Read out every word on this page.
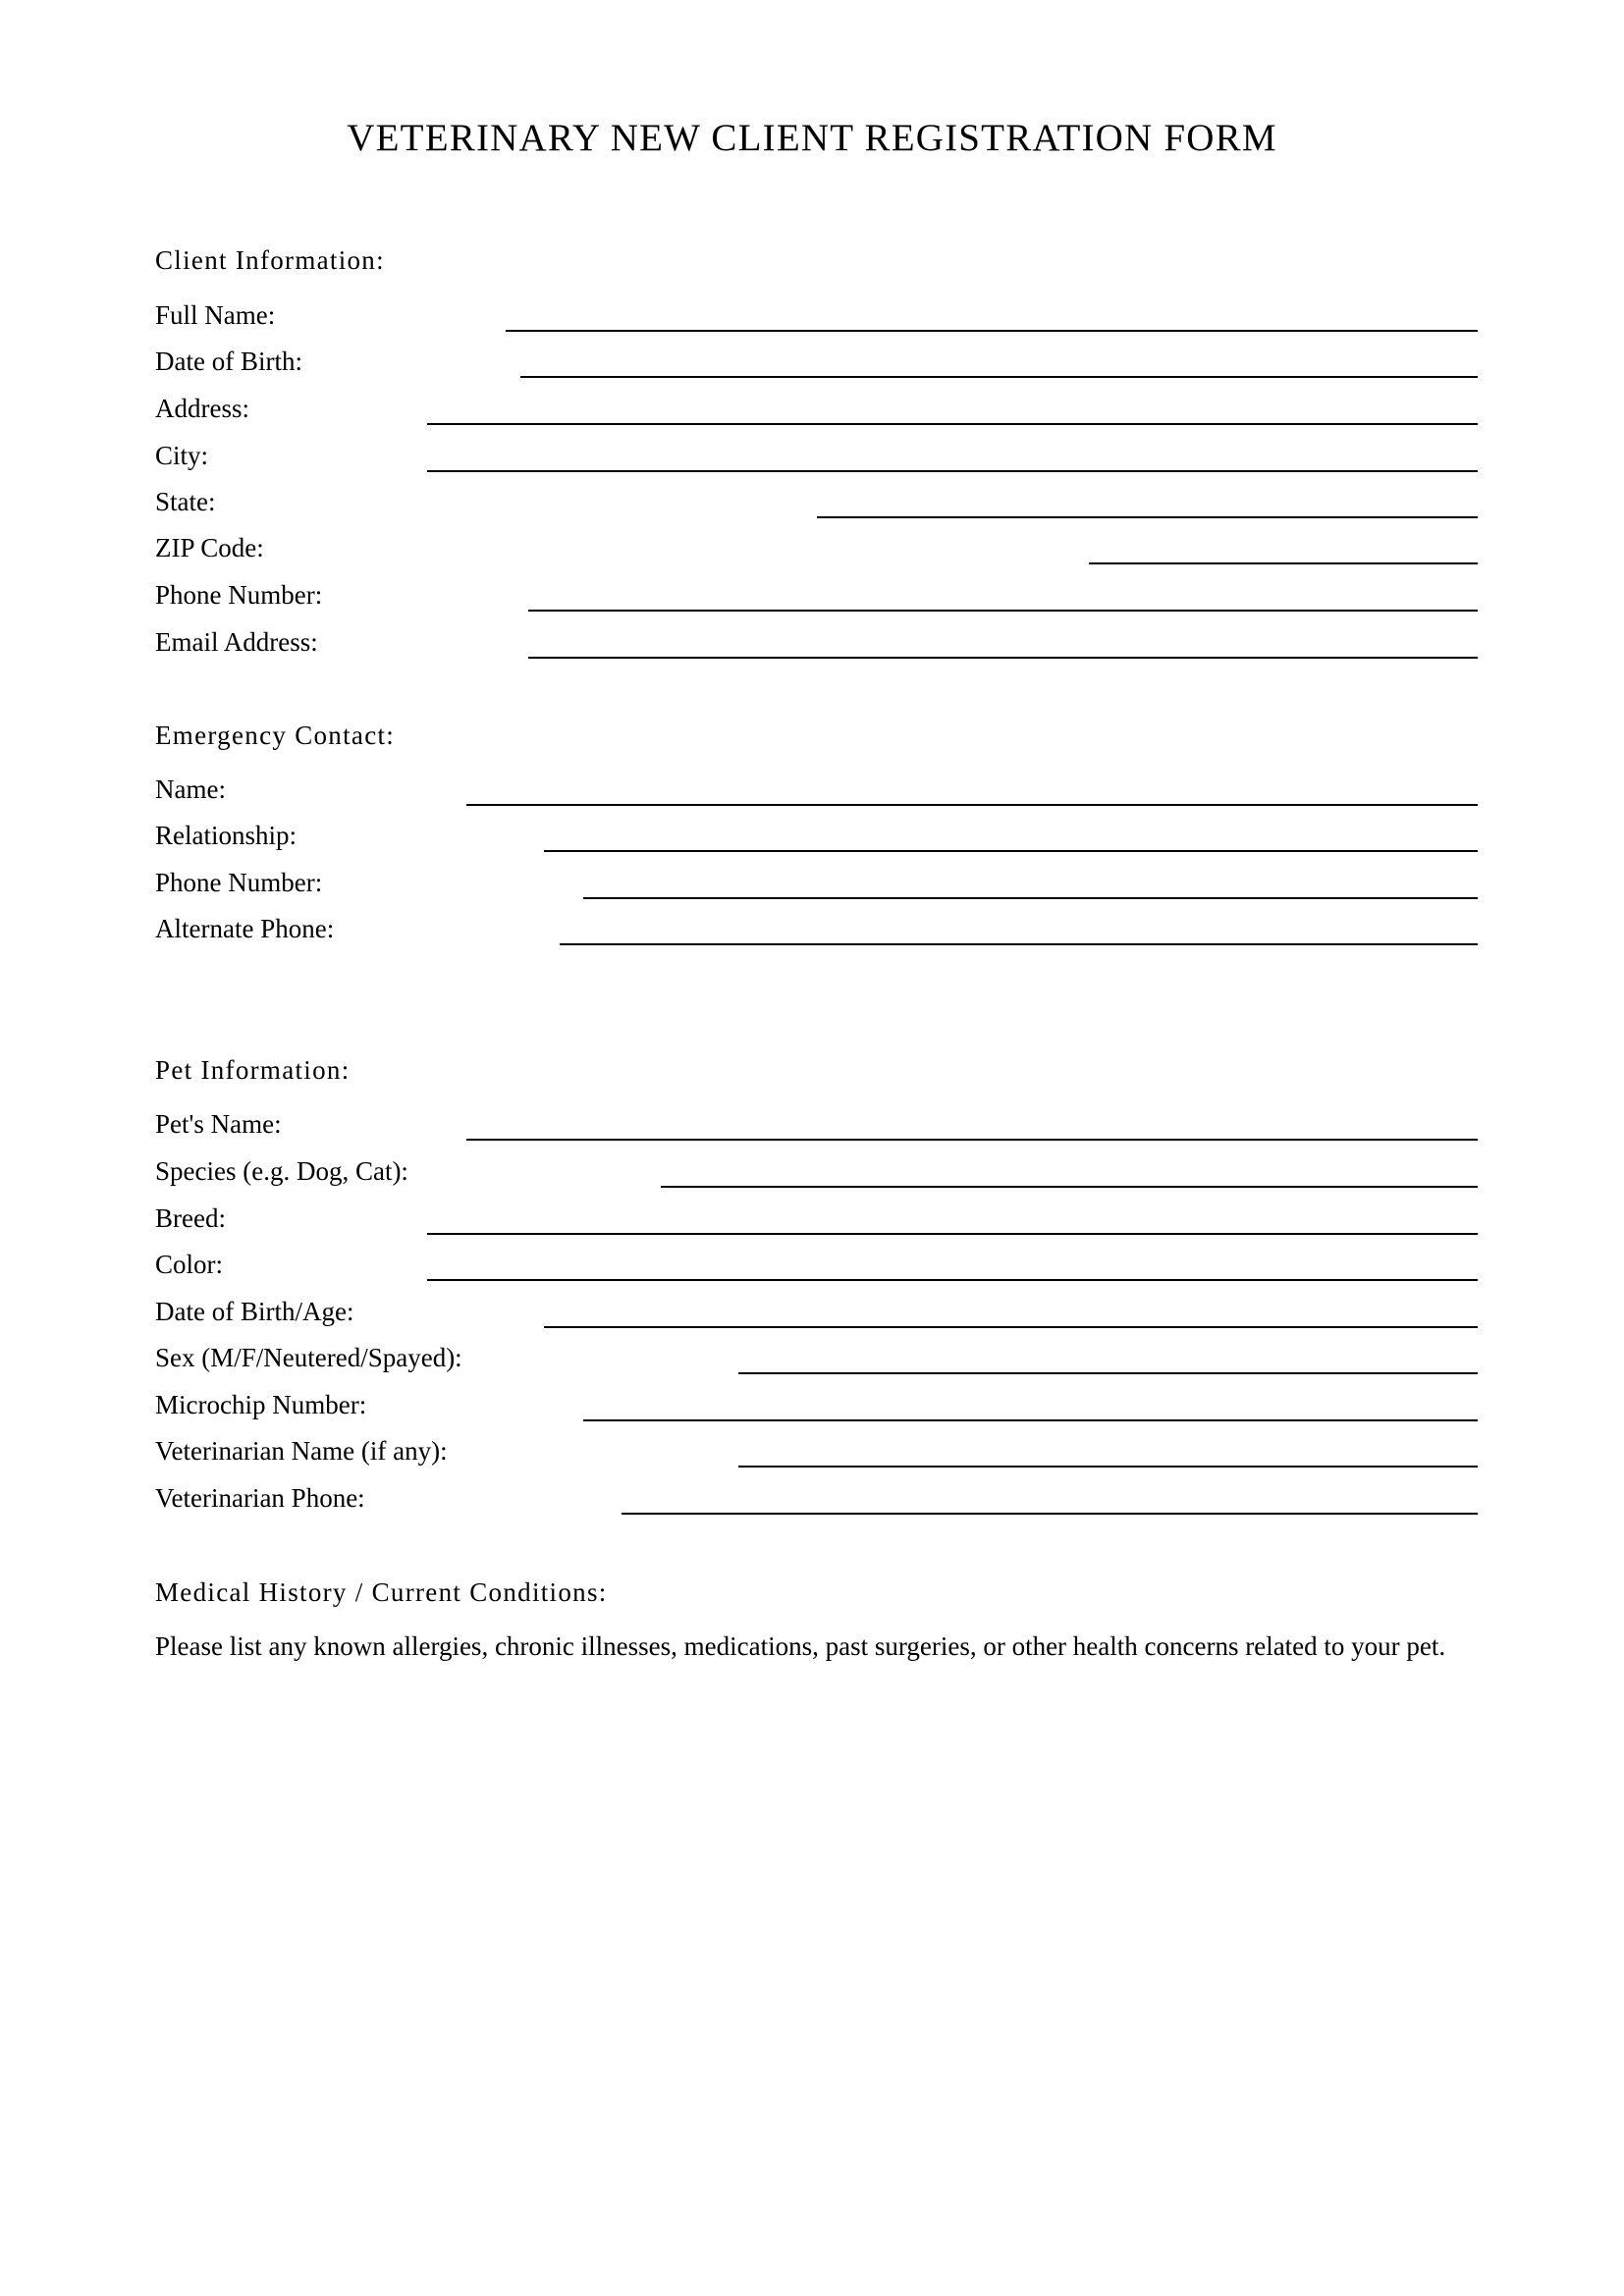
VETERINARY NEW CLIENT REGISTRATION FORM
Client Information:
Full Name:
Date of Birth:
Address:
City:
State:
ZIP Code:
Phone Number:
Email Address:
Emergency Contact:
Name:
Relationship:
Phone Number:
Alternate Phone:
Pet Information:
Pet's Name:
Species (e.g. Dog, Cat):
Breed:
Color:
Date of Birth/Age:
Sex (M/F/Neutered/Spayed):
Microchip Number:
Veterinarian Name (if any):
Veterinarian Phone:
Medical History / Current Conditions:
Please list any known allergies, chronic illnesses, medications, past surgeries, or other health concerns related to your pet.
